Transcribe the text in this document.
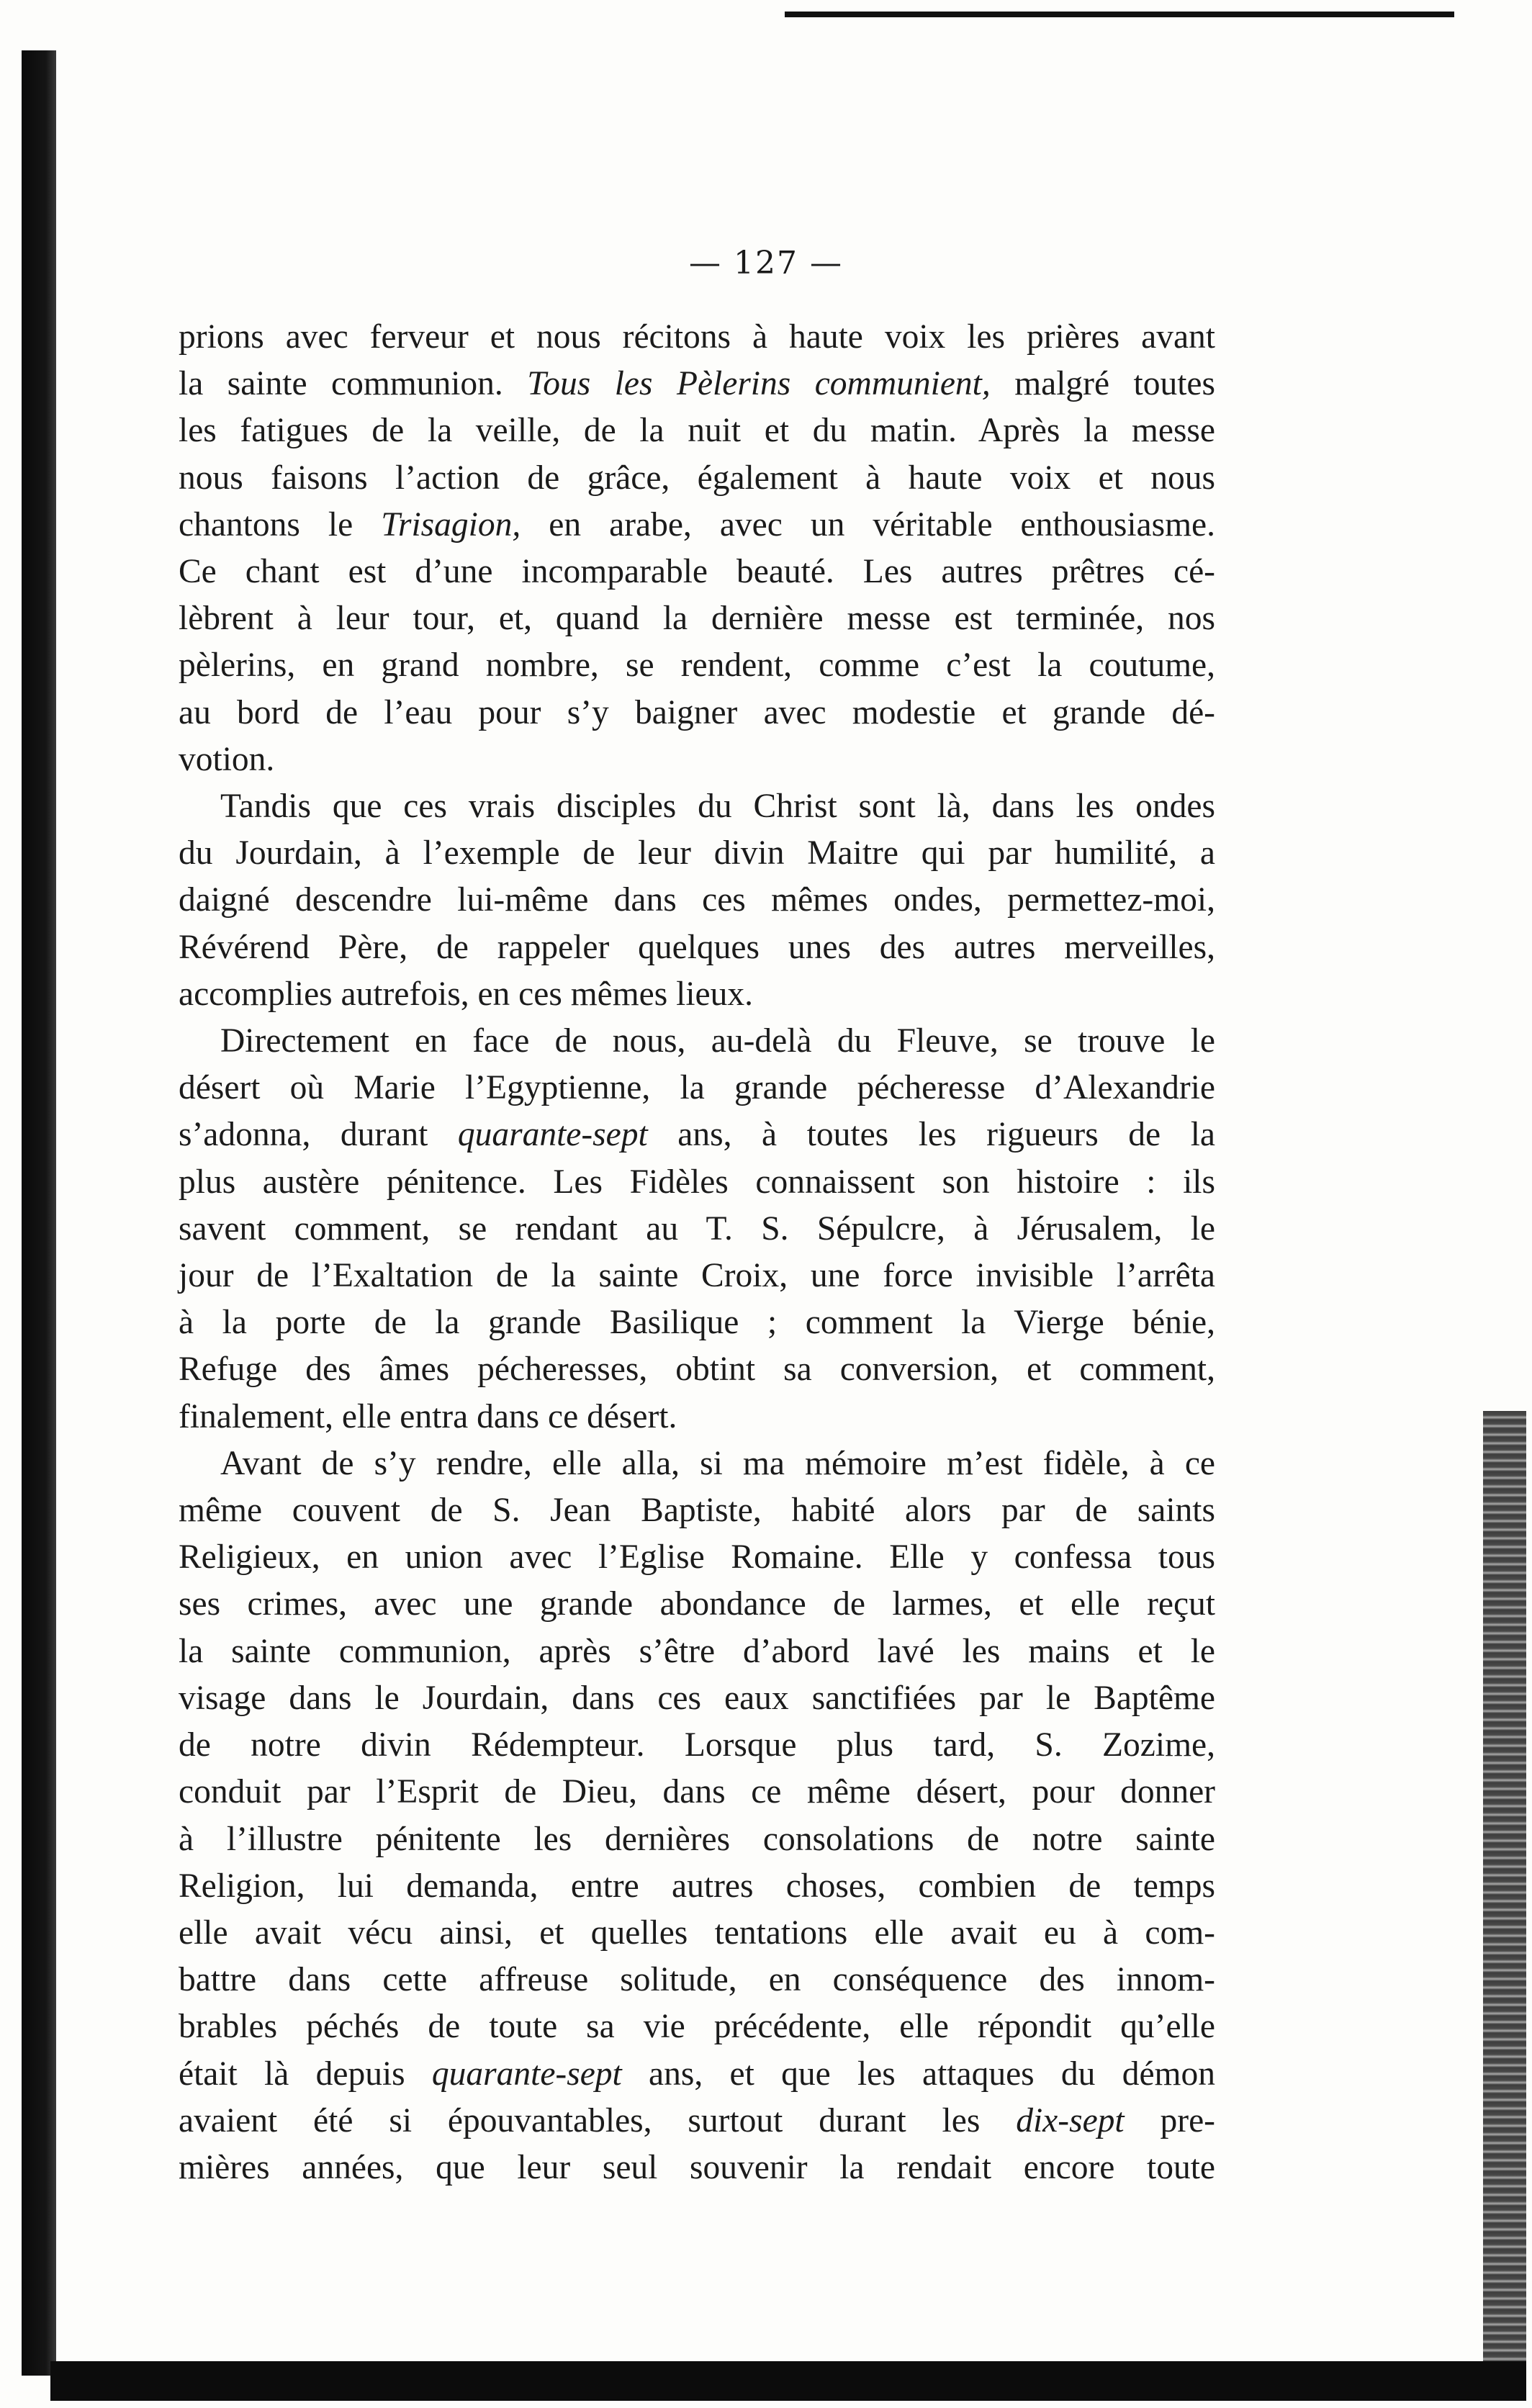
— 127 —

prions avec ferveur et nous récitons à haute voix les prières avant
la sainte communion. Tous les Pèlerins communient, malgré toutes
les fatigues de la veille, de la nuit et du matin. Après la messe
nous faisons l’action de grâce, également à haute voix et nous
chantons le Trisagion, en arabe, avec un véritable enthousiasme.
Ce chant est d’une incomparable beauté. Les autres prêtres cé-
lèbrent à leur tour, et, quand la dernière messe est terminée, nos
pèlerins, en grand nombre, se rendent, comme c’est la coutume,
au bord de l’eau pour s’y baigner avec modestie et grande dé-
votion.

Tandis que ces vrais disciples du Christ sont là, dans les ondes
du Jourdain, à l’exemple de leur divin Maitre qui par humilité, a
daigné descendre lui-même dans ces mêmes ondes, permettez-moi,
Révérend Père, de rappeler quelques unes des autres merveilles,
accomplies autrefois, en ces mêmes lieux.

Directement en face de nous, au-delà du Fleuve, se trouve le
désert où Marie l’Egyptienne, la grande pécheresse d’Alexandrie
s’adonna, durant quarante-sept ans, à toutes les rigueurs de la
plus austère pénitence. Les Fidèles connaissent son histoire : ils
savent comment, se rendant au T. S. Sépulcre, à Jérusalem, le
jour de l’Exaltation de la sainte Croix, une force invisible l’arrêta
à la porte de la grande Basilique ; comment la Vierge bénie,
Refuge des âmes pécheresses, obtint sa conversion, et comment,
finalement, elle entra dans ce désert.

Avant de s’y rendre, elle alla, si ma mémoire m’est fidèle, à ce
même couvent de S. Jean Baptiste, habité alors par de saints
Religieux, en union avec l’Eglise Romaine. Elle y confessa tous
ses crimes, avec une grande abondance de larmes, et elle reçut
la sainte communion, après s’être d’abord lavé les mains et le
visage dans le Jourdain, dans ces eaux sanctifiées par le Baptême
de notre divin Rédempteur. Lorsque plus tard, S. Zozime,
conduit par l’Esprit de Dieu, dans ce même désert, pour donner
à l’illustre pénitente les dernières consolations de notre sainte
Religion, lui demanda, entre autres choses, combien de temps
elle avait vécu ainsi, et quelles tentations elle avait eu à com-
battre dans cette affreuse solitude, en conséquence des innom-
brables péchés de toute sa vie précédente, elle répondit qu’elle
était là depuis quarante-sept ans, et que les attaques du démon
avaient été si épouvantables, surtout durant les dix-sept pre-
mières années, que leur seul souvenir la rendait encore toute
